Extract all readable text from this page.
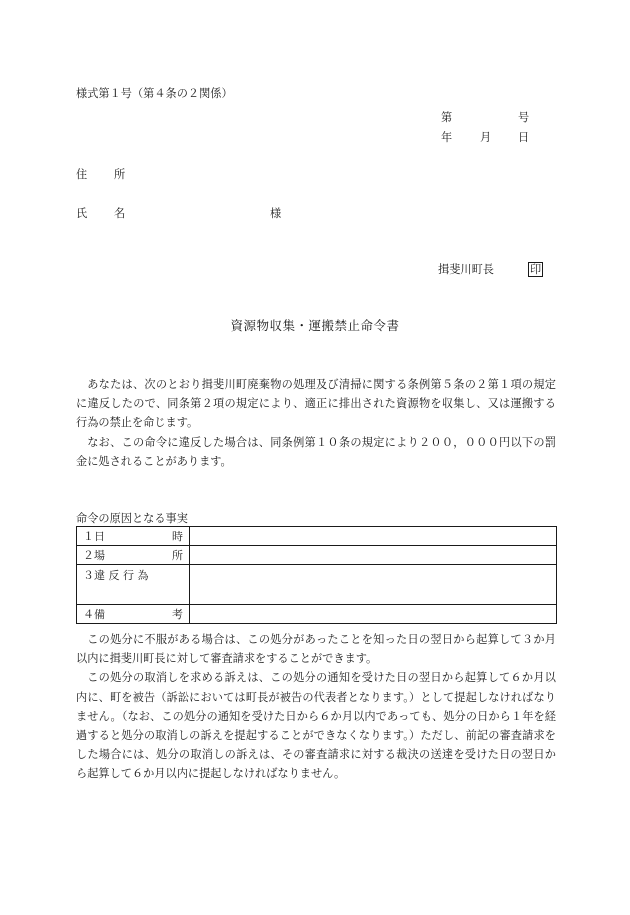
様式第１号（第４条の２関係）
第	号
年 月 日
住 所
氏 名	様
揖斐川町長	印
資源物収集・運搬禁止命令書

あなたは、次のとおり揖斐川町廃棄物の処理及び清掃に関する条例第５条の２第１項の規定に違反したので、同条第２項の規定により、適正に排出された資源物を収集し、又は運搬する行為の禁止を命じます。

なお、この命令に違反した場合は、同条例第１０条の規定により２００，０００円以下の罰金に処されることがあります。

命令の原因となる事実
１日 時	

２場 所	

３違 反 行 為	

４備 考	

この処分に不服がある場合は、この処分があったことを知った日の翌日から起算して３か月以内に揖斐川町長に対して審査請求をすることができます。

この処分の取消しを求める訴えは、この処分の通知を受けた日の翌日から起算して６か月以内に、町を被告（訴訟においては町長が被告の代表者となります。）として提起しなければなりません。（なお、この処分の通知を受けた日から６か月以内であっても、処分の日から１年を経過すると処分の取消しの訴えを提起することができなくなります。）ただし、前記の審査請求をした場合には、処分の取消しの訴えは、その審査請求に対する裁決の送達を受けた日の翌日から起算して６か月以内に提起しなければなりません。
